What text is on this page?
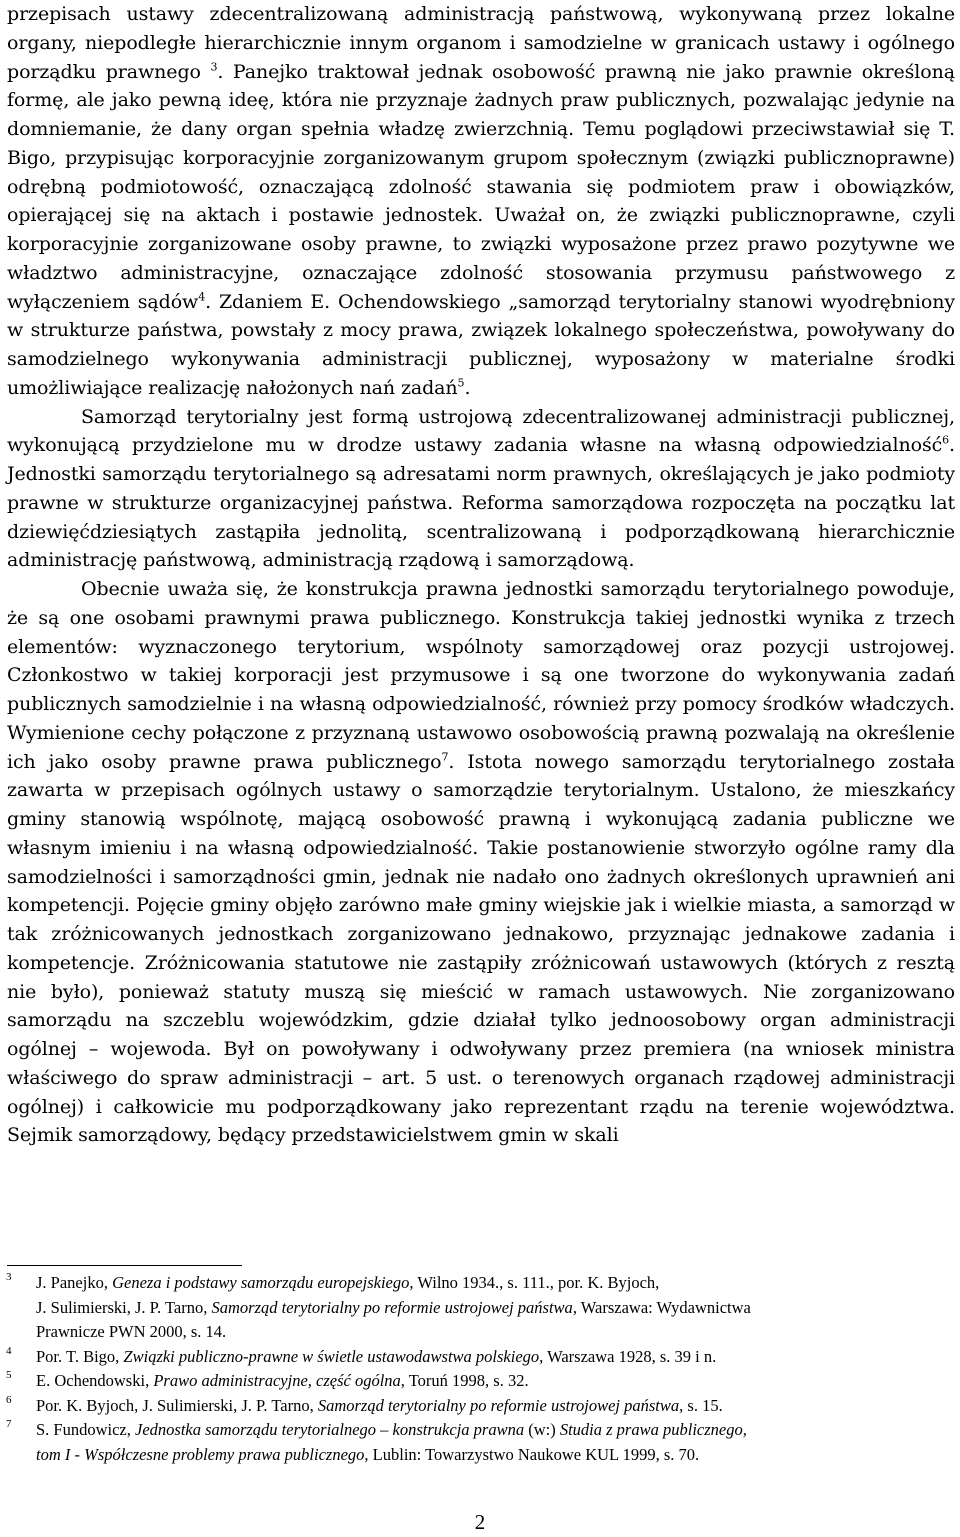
przepisach ustawy zdecentralizowaną administracją państwową, wykonywaną przez lokalne organy, niepodległe hierarchicznie innym organom i samodzielne w granicach ustawy i ogólnego porządku prawnego $^3$. Panejko traktował jednak osobowość prawną nie jako prawnie określoną formę, ale jako pewną ideę, która nie przyznaje żadnych praw publicznych, pozwalając jedynie na domniemanie, że dany organ spełnia władzę zwierzchnią. Temu poglądowi przeciwstawiał się T. Bigo, przypisując korporacyjnie zorganizowanym grupom społecznym (związki publicznoprawne) odrębną podmiotowość, oznaczającą zdolność stawania się podmiotem praw i obowiązków, opierającej się na aktach i postawie jednostek. Uważał on, że związki publicznoprawne, czyli korporacyjnie zorganizowane osoby prawne, to związki wyposażone przez prawo pozytywne we władztwo administracyjne, oznaczające zdolność stosowania przymusu państwowego z wyłączeniem sądów$^4$. Zdaniem E. Ochendowskiego „samorząd terytorialny stanowi wyodrębniony w strukturze państwa, powstały z mocy prawa, związek lokalnego społeczeństwa, powoływany do samodzielnego wykonywania administracji publicznej, wyposażony w materialne środki umożliwiające realizację nałożonych nań zadań$^5$.

Samorząd terytorialny jest formą ustrojową zdecentralizowanej administracji publicznej, wykonującą przydzielone mu w drodze ustawy zadania własne na własną odpowiedzialność$^6$. Jednostki samorządu terytorialnego są adresatami norm prawnych, określających je jako podmioty prawne w strukturze organizacyjnej państwa. Reforma samorządowa rozpoczęta na początku lat dziewięćdziesiątych zastąpiła jednolitą, scentralizowaną i podporządkowaną hierarchicznie administrację państwową, administracją rządową i samorządową.

Obecnie uważa się, że konstrukcja prawna jednostki samorządu terytorialnego powoduje, że są one osobami prawnymi prawa publicznego. Konstrukcja takiej jednostki wynika z trzech elementów: wyznaczonego terytorium, wspólnoty samorządowej oraz pozycji ustrojowej. Członkostwo w takiej korporacji jest przymusowe i są one tworzone do wykonywania zadań publicznych samodzielnie i na własną odpowiedzialność, również przy pomocy środków władczych. Wymienione cechy połączone z przyznaną ustawowo osobowością prawną pozwalają na określenie ich jako osoby prawne prawa publicznego$^7$. Istota nowego samorządu terytorialnego została zawarta w przepisach ogólnych ustawy o samorządzie terytorialnym. Ustalono, że mieszkańcy gminy stanowią wspólnotę, mającą osobowość prawną i wykonującą zadania publiczne we własnym imieniu i na własną odpowiedzialność. Takie postanowienie stworzyło ogólne ramy dla samodzielności i samorządności gmin, jednak nie nadało ono żadnych określonych uprawnień ani kompetencji. Pojęcie gminy objęło zarówno małe gminy wiejskie jak i wielkie miasta, a samorząd w tak zróżnicowanych jednostkach zorganizowano jednakowo, przyznając jednakowe zadania i kompetencje. Zróżnicowania statutowe nie zastąpiły zróżnicowań ustawowych (których z resztą nie było), ponieważ statuty muszą się mieścić w ramach ustawowych. Nie zorganizowano samorządu na szczeblu wojewódzkim, gdzie działał tylko jednoosobowy organ administracji ogólnej – wojewoda. Był on powoływany i odwoływany przez premiera (na wniosek ministra właściwego do spraw administracji – art. 5 ust. o terenowych organach rządowej administracji ogólnej) i całkowicie mu podporządkowany jako reprezentant rządu na terenie województwa. Sejmik samorządowy, będący przedstawicielstwem gmin w skali

3 J. Panejko, Geneza i podstawy samorządu europejskiego, Wilno 1934., s. 111., por. K. Byjoch,
J. Sulimierski, J. P. Tarno, Samorząd terytorialny po reformie ustrojowej państwa, Warszawa: Wydawnictwa
Prawnicze PWN 2000, s. 14.

4 Por. T. Bigo, Związki publiczno-prawne w świetle ustawodawstwa polskiego, Warszawa 1928, s. 39 i n.

5 E. Ochendowski, Prawo administracyjne, część ogólna, Toruń 1998, s. 32.

6 Por. K. Byjoch, J. Sulimierski, J. P. Tarno, Samorząd terytorialny po reformie ustrojowej państwa, s. 15.

7 S. Fundowicz, Jednostka samorządu terytorialnego – konstrukcja prawna (w:) Studia z prawa publicznego,
tom I - Współczesne problemy prawa publicznego, Lublin: Towarzystwo Naukowe KUL 1999, s. 70.

2
